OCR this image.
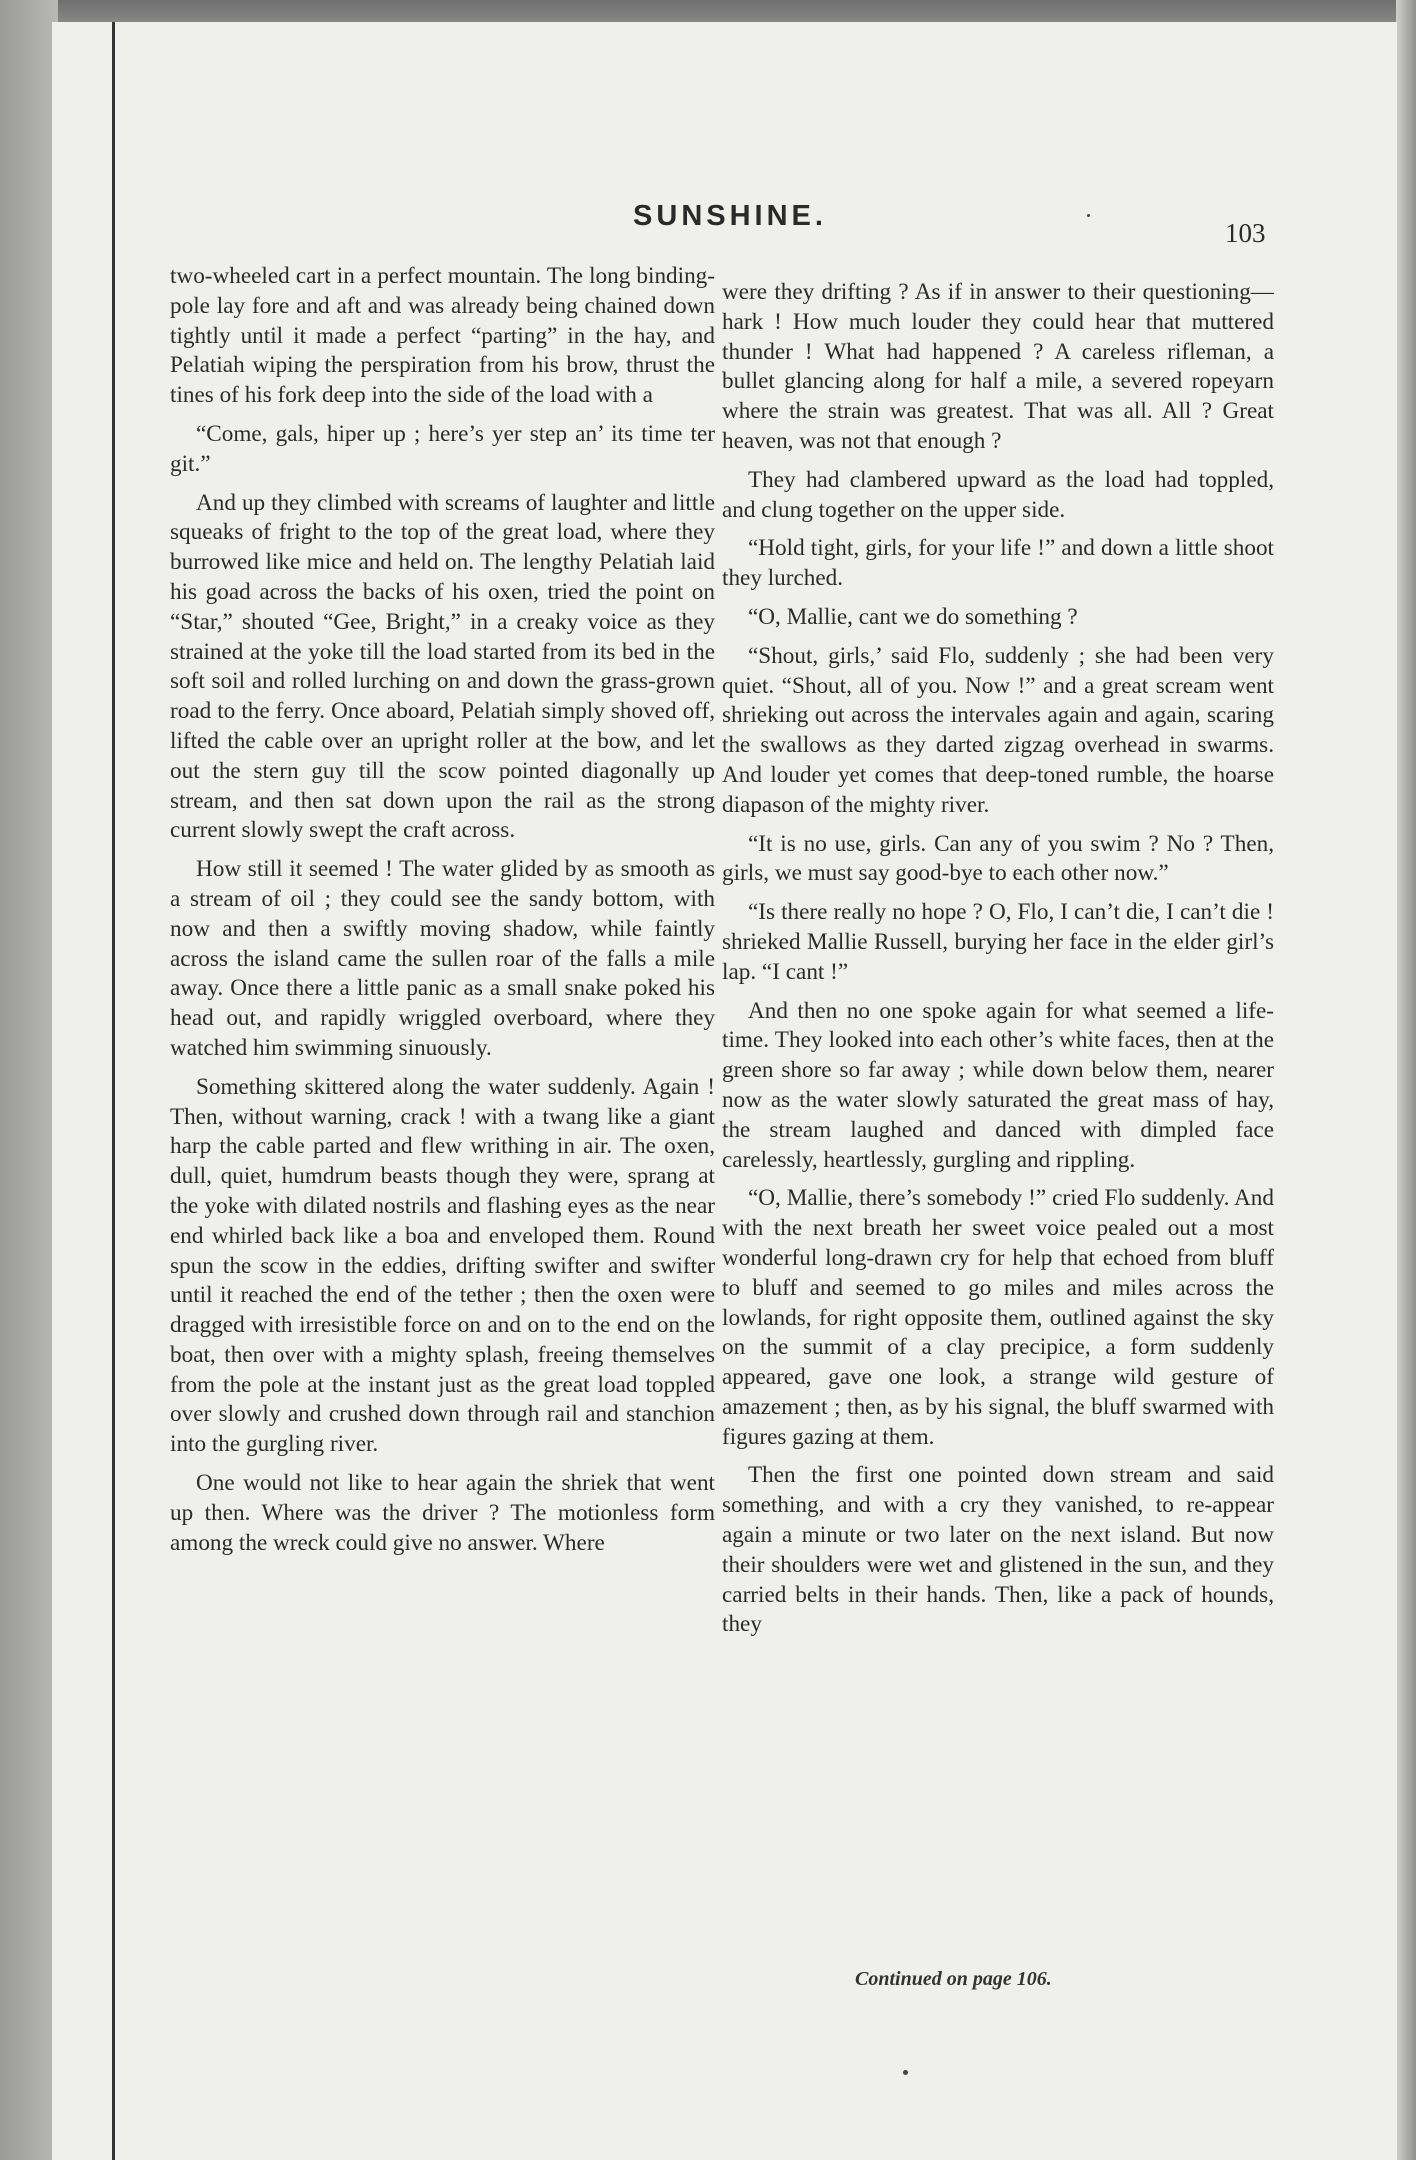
SUNSHINE.
103

two-wheeled cart in a perfect mountain. The long binding-pole lay fore and aft and was already being chained down tightly until it made a perfect “parting” in the hay, and Pelatiah wiping the perspiration from his brow, thrust the tines of his fork deep into the side of the load with a

“Come, gals, hiper up ; here’s yer step an’ its time ter git.”

And up they climbed with screams of laughter and little squeaks of fright to the top of the great load, where they burrowed like mice and held on. The lengthy Pelatiah laid his goad across the backs of his oxen, tried the point on “Star,” shouted “Gee, Bright,” in a creaky voice as they strained at the yoke till the load started from its bed in the soft soil and rolled lurching on and down the grass-grown road to the ferry. Once aboard, Pelatiah simply shoved off, lifted the cable over an upright roller at the bow, and let out the stern guy till the scow pointed diagonally up stream, and then sat down upon the rail as the strong current slowly swept the craft across.

How still it seemed ! The water glided by as smooth as a stream of oil ; they could see the sandy bottom, with now and then a swiftly moving shadow, while faintly across the island came the sullen roar of the falls a mile away. Once there a little panic as a small snake poked his head out, and rapidly wriggled overboard, where they watched him swimming sinuously.

Something skittered along the water suddenly. Again ! Then, without warning, crack ! with a twang like a giant harp the cable parted and flew writhing in air. The oxen, dull, quiet, humdrum beasts though they were, sprang at the yoke with dilated nostrils and flashing eyes as the near end whirled back like a boa and enveloped them. Round spun the scow in the eddies, drifting swifter and swifter until it reached the end of the tether ; then the oxen were dragged with irresistible force on and on to the end on the boat, then over with a mighty splash, freeing themselves from the pole at the instant just as the great load toppled over slowly and crushed down through rail and stanchion into the gurgling river.

One would not like to hear again the shriek that went up then. Where was the driver ? The motionless form among the wreck could give no answer. Where

were they drifting ? As if in answer to their questioning—hark ! How much louder they could hear that muttered thunder ! What had happened ? A careless rifleman, a bullet glancing along for half a mile, a severed ropeyarn where the strain was greatest. That was all. All ? Great heaven, was not that enough ?

They had clambered upward as the load had toppled, and clung together on the upper side.

“Hold tight, girls, for your life !” and down a little shoot they lurched.

“O, Mallie, cant we do something ?

“Shout, girls,’ said Flo, suddenly ; she had been very quiet. “Shout, all of you. Now !” and a great scream went shrieking out across the intervales again and again, scaring the swallows as they darted zigzag overhead in swarms. And louder yet comes that deep-toned rumble, the hoarse diapason of the mighty river.

“It is no use, girls. Can any of you swim ? No ? Then, girls, we must say good-bye to each other now.”

“Is there really no hope ? O, Flo, I can’t die, I can’t die ! shrieked Mallie Russell, burying her face in the elder girl’s lap. “I cant !”

And then no one spoke again for what seemed a life-time. They looked into each other’s white faces, then at the green shore so far away ; while down below them, nearer now as the water slowly saturated the great mass of hay, the stream laughed and danced with dimpled face carelessly, heartlessly, gurgling and rippling.

“O, Mallie, there’s somebody !” cried Flo suddenly. And with the next breath her sweet voice pealed out a most wonderful long-drawn cry for help that echoed from bluff to bluff and seemed to go miles and miles across the lowlands, for right opposite them, outlined against the sky on the summit of a clay precipice, a form suddenly appeared, gave one look, a strange wild gesture of amazement ; then, as by his signal, the bluff swarmed with figures gazing at them.

Then the first one pointed down stream and said something, and with a cry they vanished, to re-appear again a minute or two later on the next island. But now their shoulders were wet and glistened in the sun, and they carried belts in their hands. Then, like a pack of hounds, they

Continued on page 106.
